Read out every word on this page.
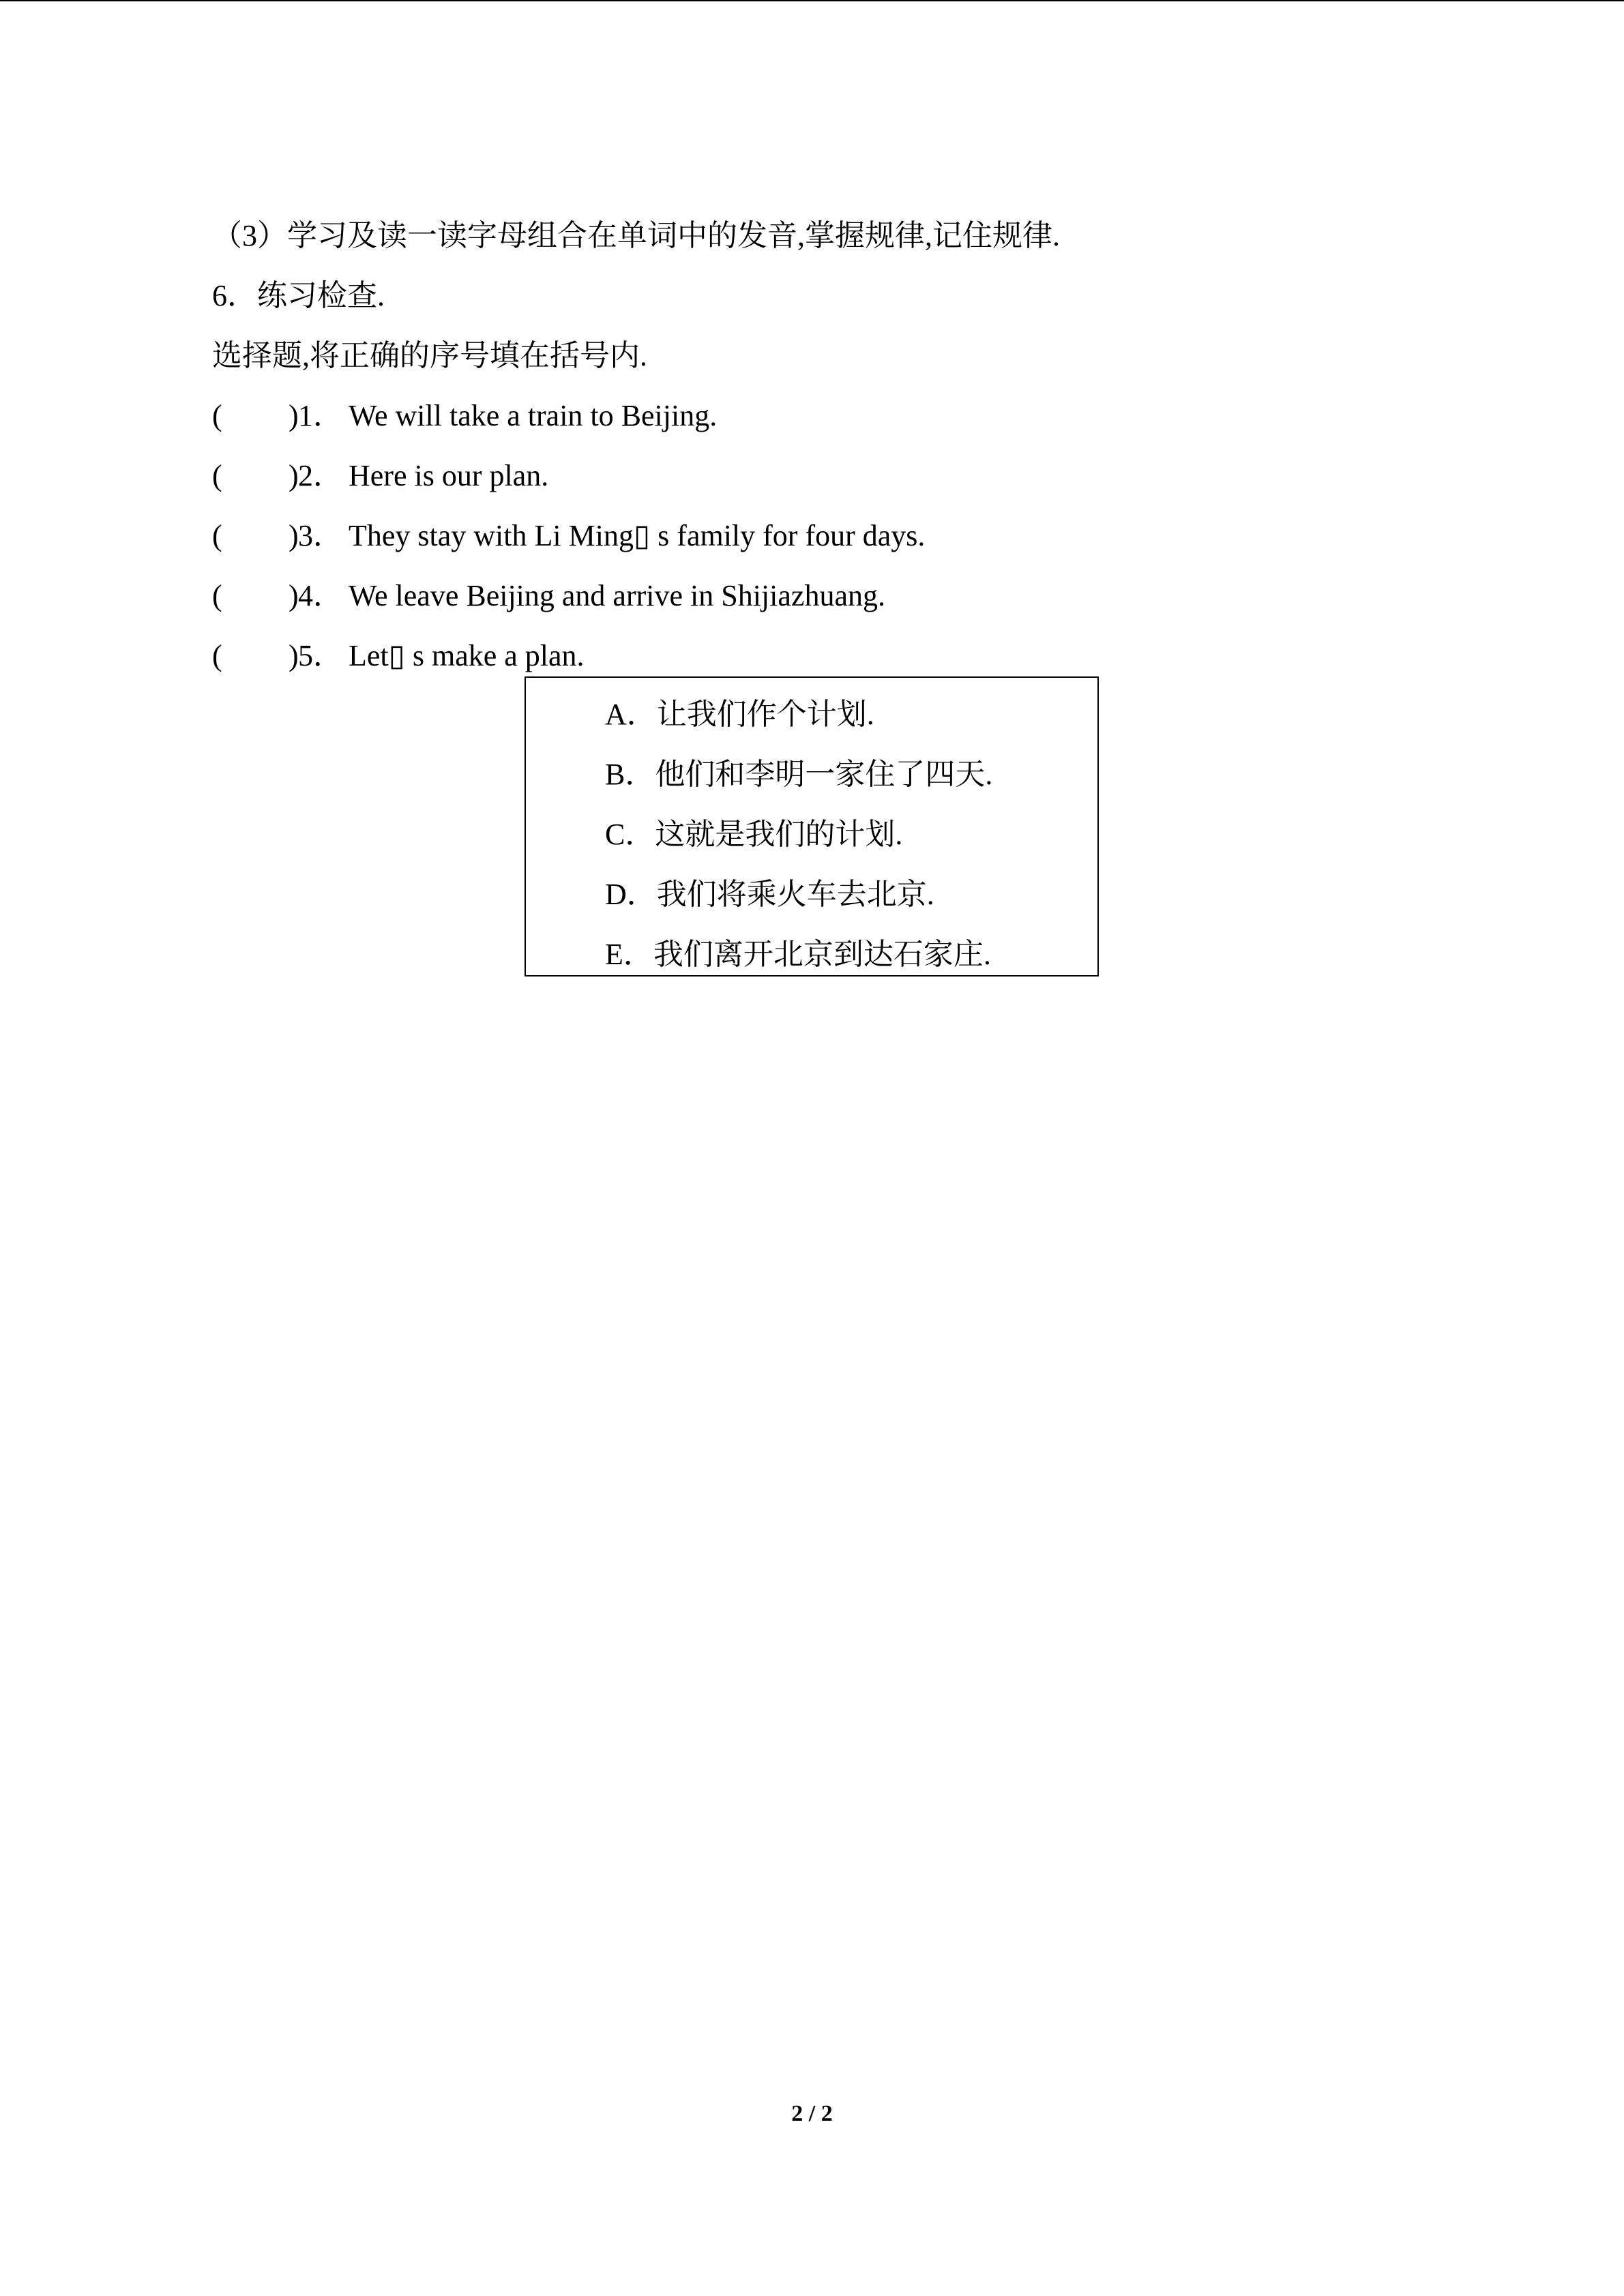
（3）学习及读一读字母组合在单词中的发音,掌握规律,记住规律.
6．练习检查.
选择题,将正确的序号填在括号内.

(

)

1．

We will take a train to Beijing.

(

)

2．

Here is our plan.

(

)

3．

They stay with Li Ming▯ s family for four days.

(

)

4．

We leave Beijing and arrive in Shijiazhuang.

(

)

5．

Let▯ s make a plan.

A．让我们作个计划.
B．他们和李明一家住了四天.
C．这就是我们的计划.
D．我们将乘火车去北京.
E．我们离开北京到达石家庄.
2 / 2
